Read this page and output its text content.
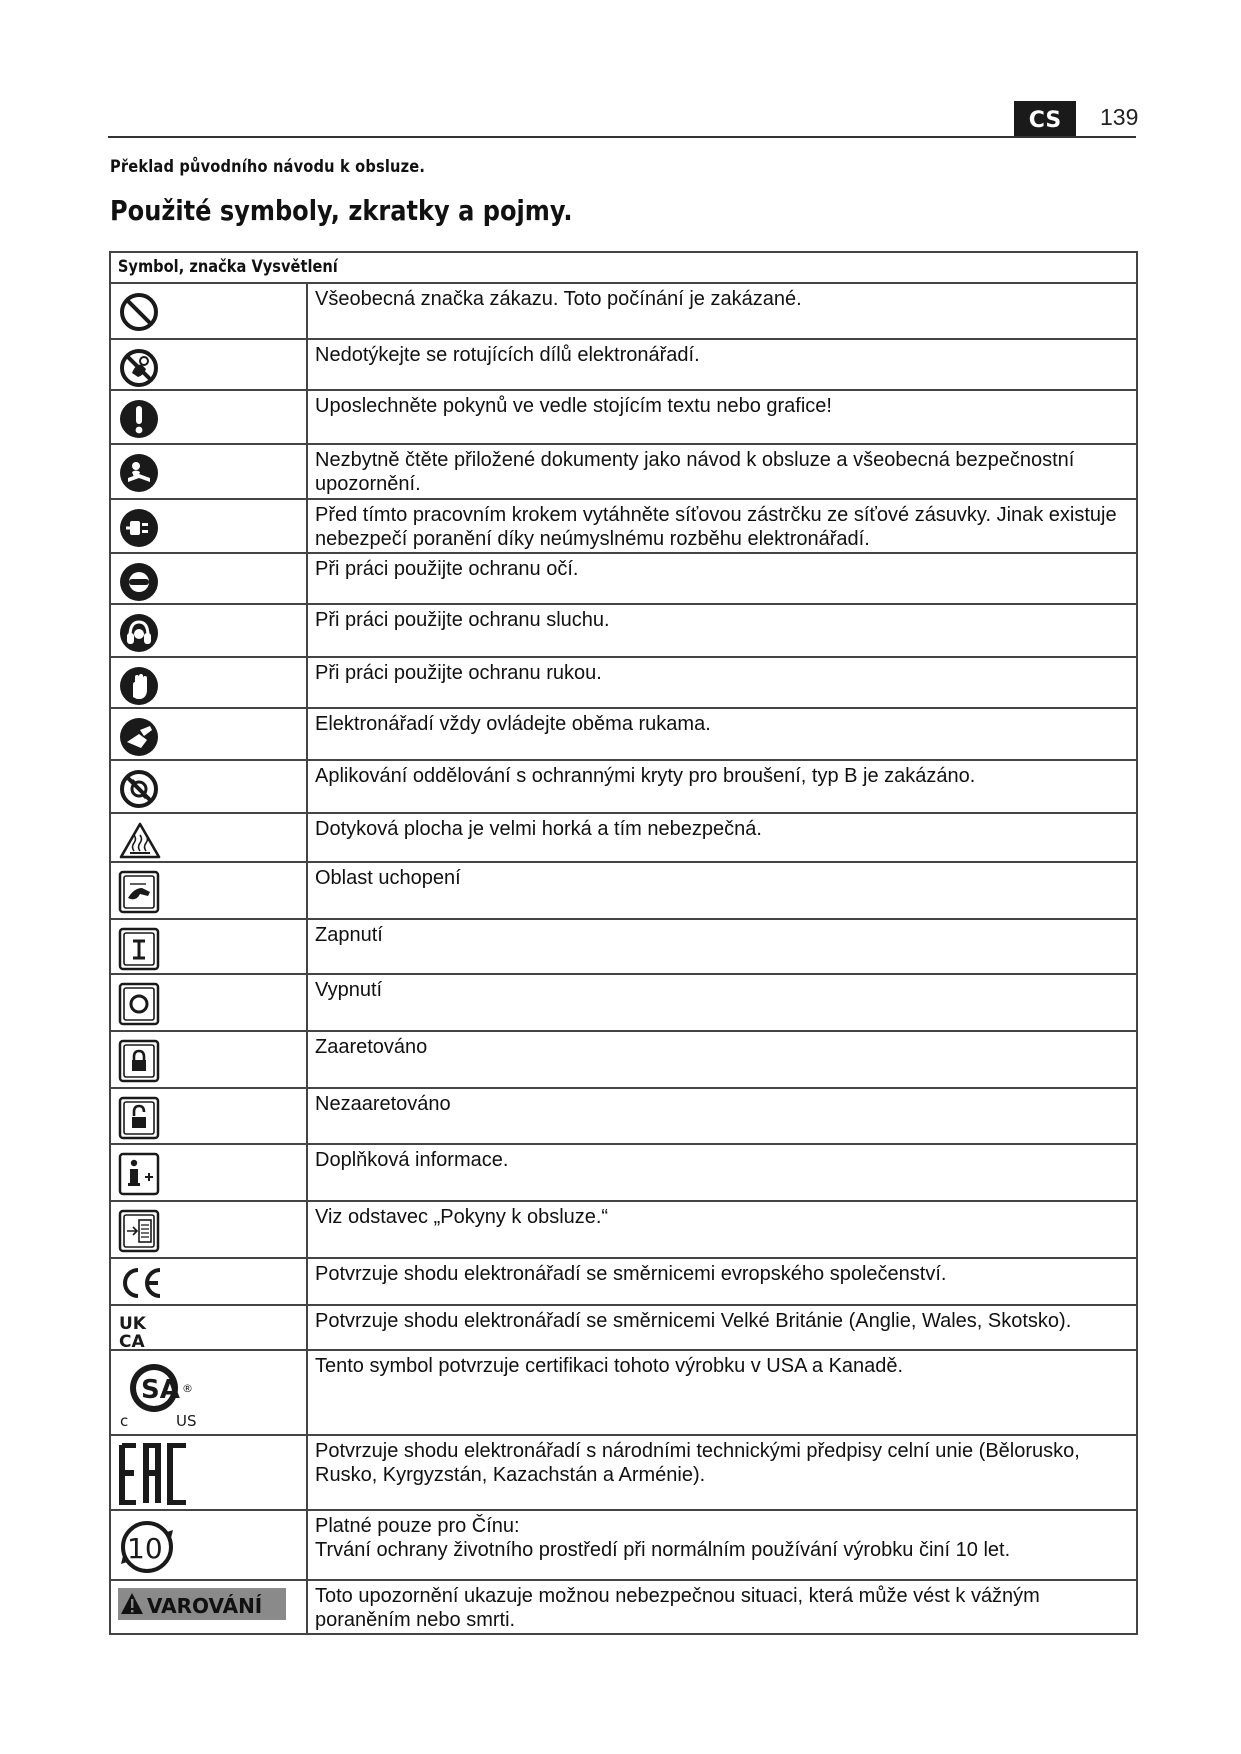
CS	139
Překlad původního návodu k obsluze.
Použité symboly, zkratky a pojmy.
Symbol, značka Vysvětlení	

Všeobecná značka zákazu. Toto počínání je zakázané.

Nedotýkejte se rotujících dílů elektronářadí.

Uposlechněte pokynů ve vedle stojícím textu nebo grafice!

Nezbytně čtěte přiložené dokumenty jako návod k obsluze a všeobecná bezpečnostní
upozornění.

Před tímto pracovním krokem vytáhněte síťovou zástrčku ze síťové zásuvky. Jinak existuje
nebezpečí poranění díky neúmyslnému rozběhu elektronářadí.

Při práci použijte ochranu očí.

Při práci použijte ochranu sluchu.

Při práci použijte ochranu rukou.

Elektronářadí vždy ovládejte oběma rukama.

Aplikování oddělování s ochrannými kryty pro broušení, typ B je zakázáno.

Dotyková plocha je velmi horká a tím nebezpečná.

Oblast uchopení

Zapnutí

Vypnutí

Zaaretováno

Nezaaretováno

Doplňková informace.

Viz odstavec „Pokyny k obsluze.“

Potvrzuje shodu elektronářadí se směrnicemi evropského společenství.

UK
CA	Potvrzuje shodu elektronářadí se směrnicemi Velké Británie (Anglie, Wales, Skotsko).

SA ®
c US	Tento symbol potvrzuje certifikaci tohoto výrobku v USA a Kanadě.

Potvrzuje shodu elektronářadí s národními technickými předpisy celní unie (Bělorusko,
Rusko, Kyrgyzstán, Kazachstán a Arménie).

10	Platné pouze pro Čínu:
Trvání ochrany životního prostředí při normálním používání výrobku činí 10 let.

VAROVÁNÍ	Toto upozornění ukazuje možnou nebezpečnou situaci, která může vést k vážným
poraněním nebo smrti.
